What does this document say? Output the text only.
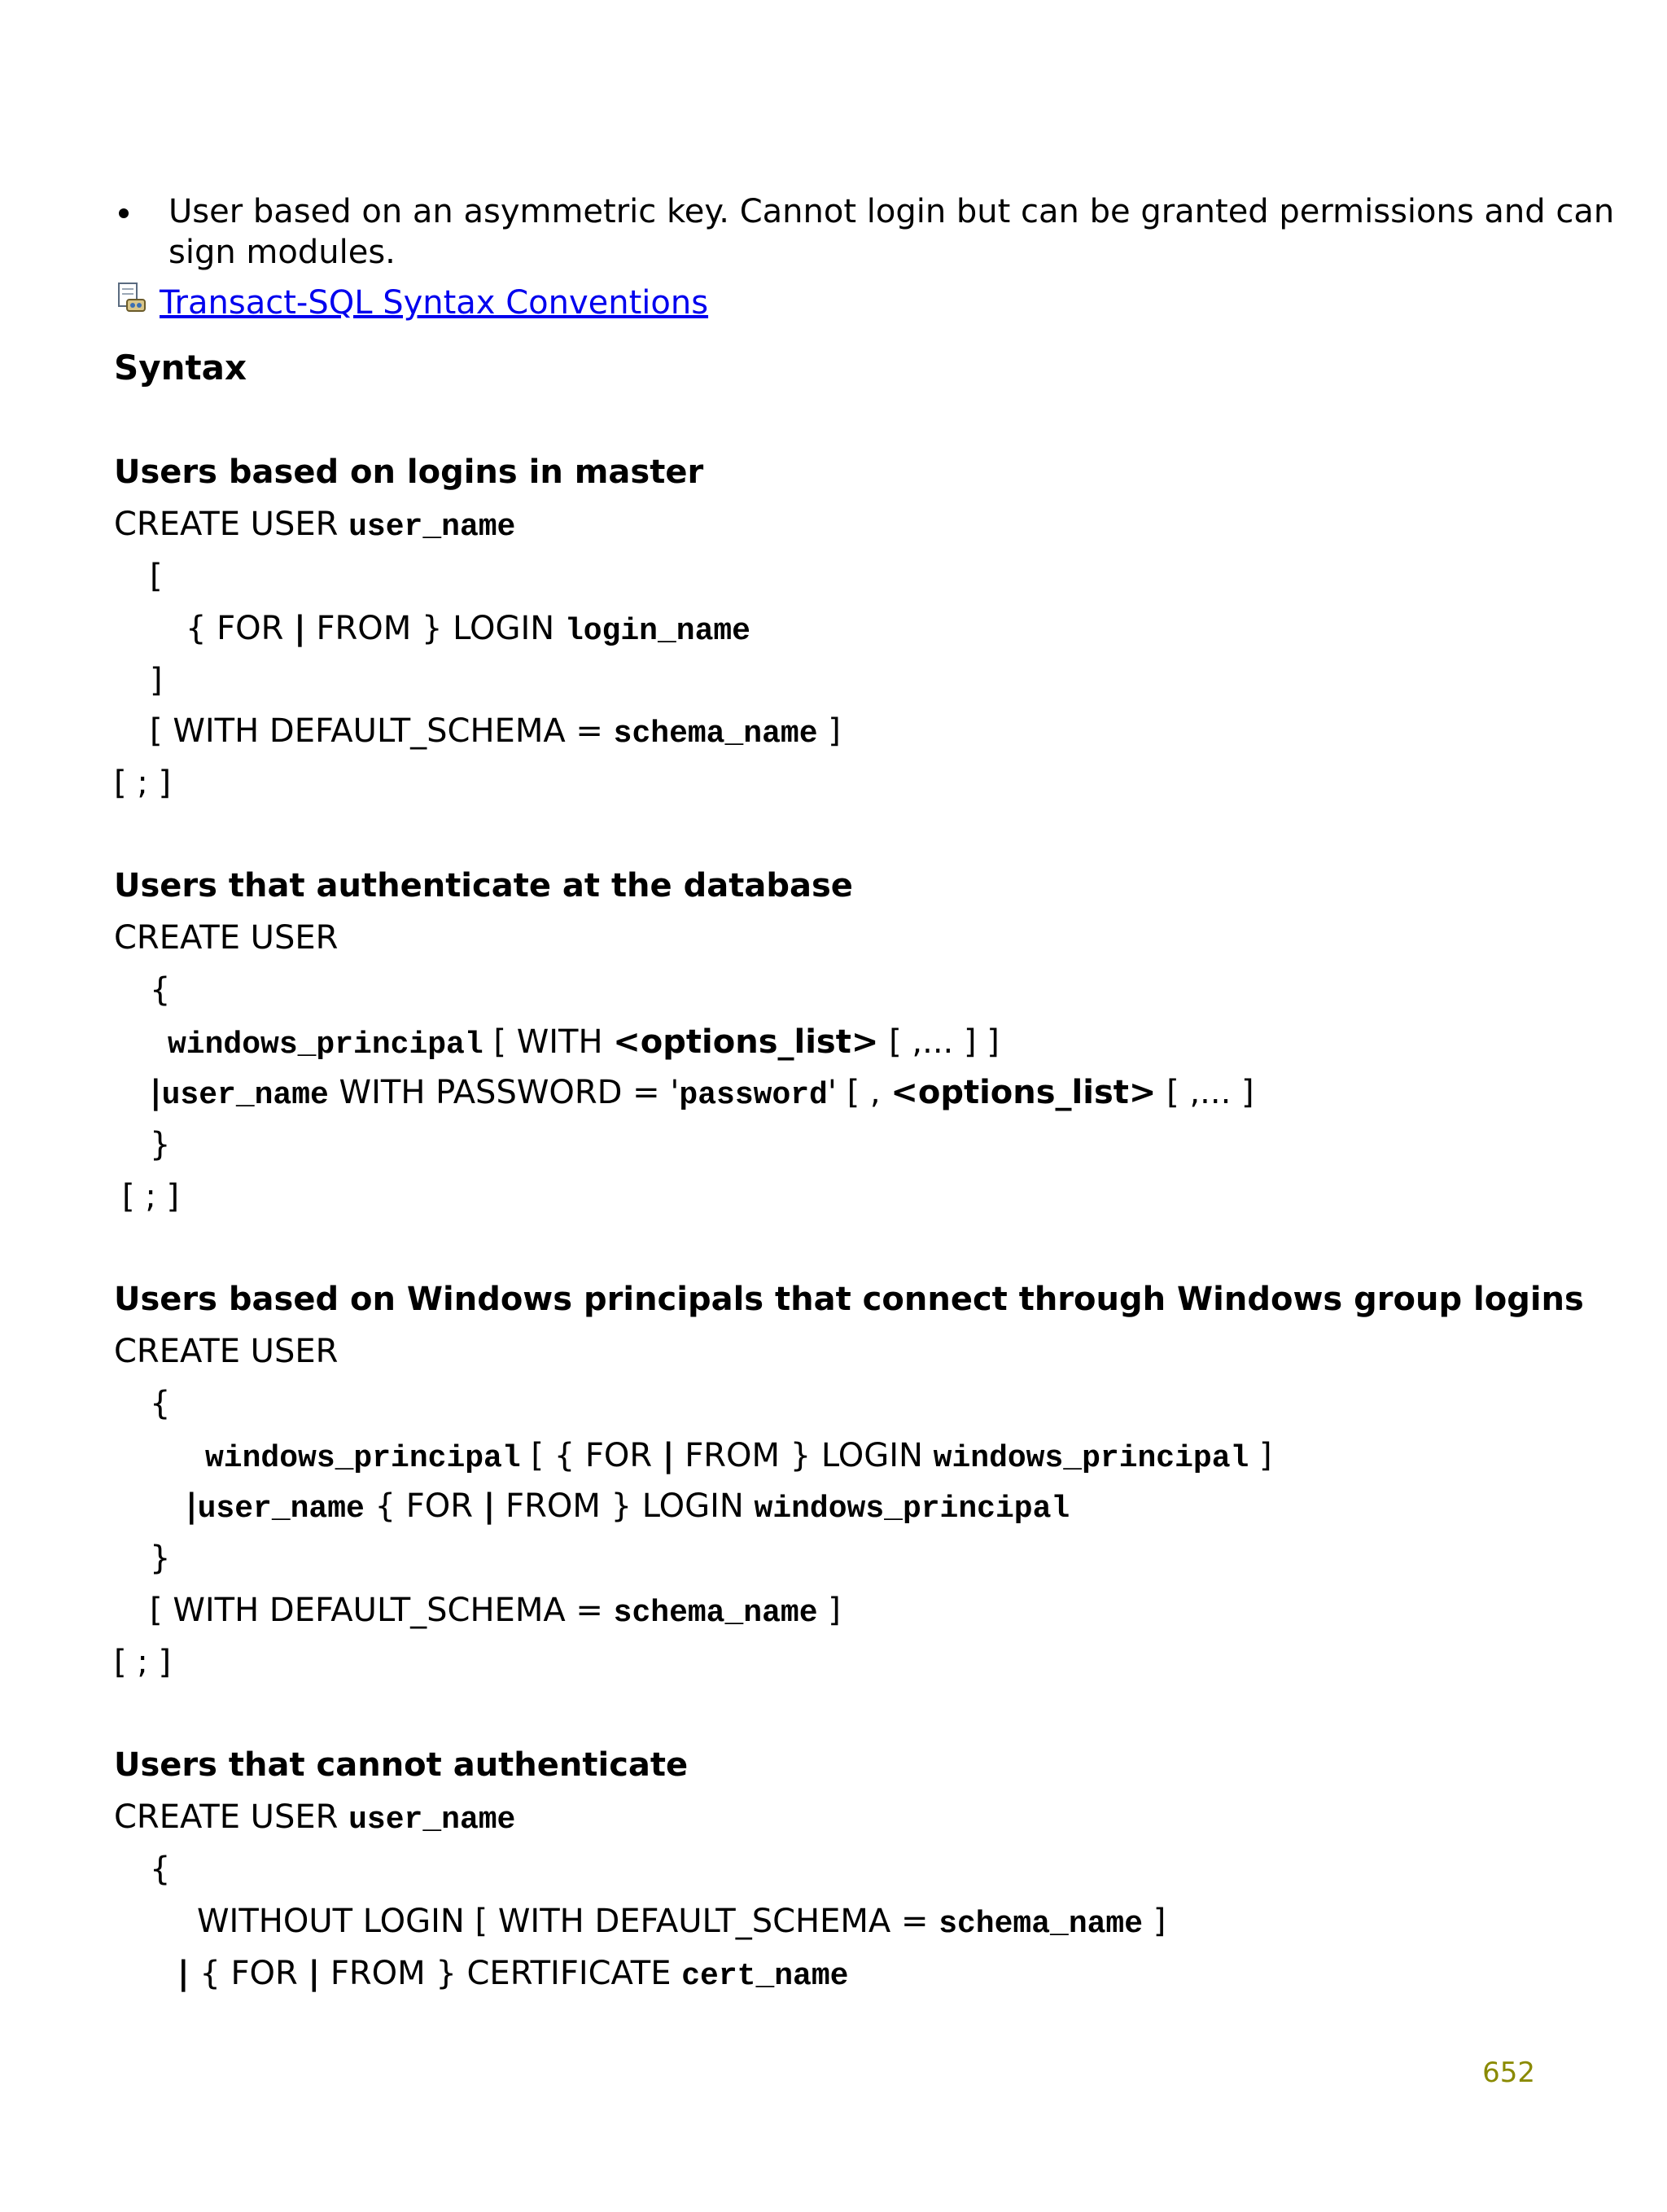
User based on an asymmetric key. Cannot login but can be granted permissions and can
sign modules.
Transact-SQL Syntax Conventions
Syntax
Users based on logins in master
CREATE USER user_name
[
{ FOR | FROM } LOGIN login_name
]
[ WITH DEFAULT_SCHEMA = schema_name ]
[ ; ]
Users that authenticate at the database
CREATE USER
{
windows_principal [ WITH <options_list> [ ,... ] ]
|user_name WITH PASSWORD = 'password' [ , <options_list> [ ,... ]
}
[ ; ]
Users based on Windows principals that connect through Windows group logins
CREATE USER
{
windows_principal [ { FOR | FROM } LOGIN windows_principal ]
|user_name { FOR | FROM } LOGIN windows_principal
}
[ WITH DEFAULT_SCHEMA = schema_name ]
[ ; ]
Users that cannot authenticate
CREATE USER user_name
{
WITHOUT LOGIN [ WITH DEFAULT_SCHEMA = schema_name ]
| { FOR | FROM } CERTIFICATE cert_name
652
